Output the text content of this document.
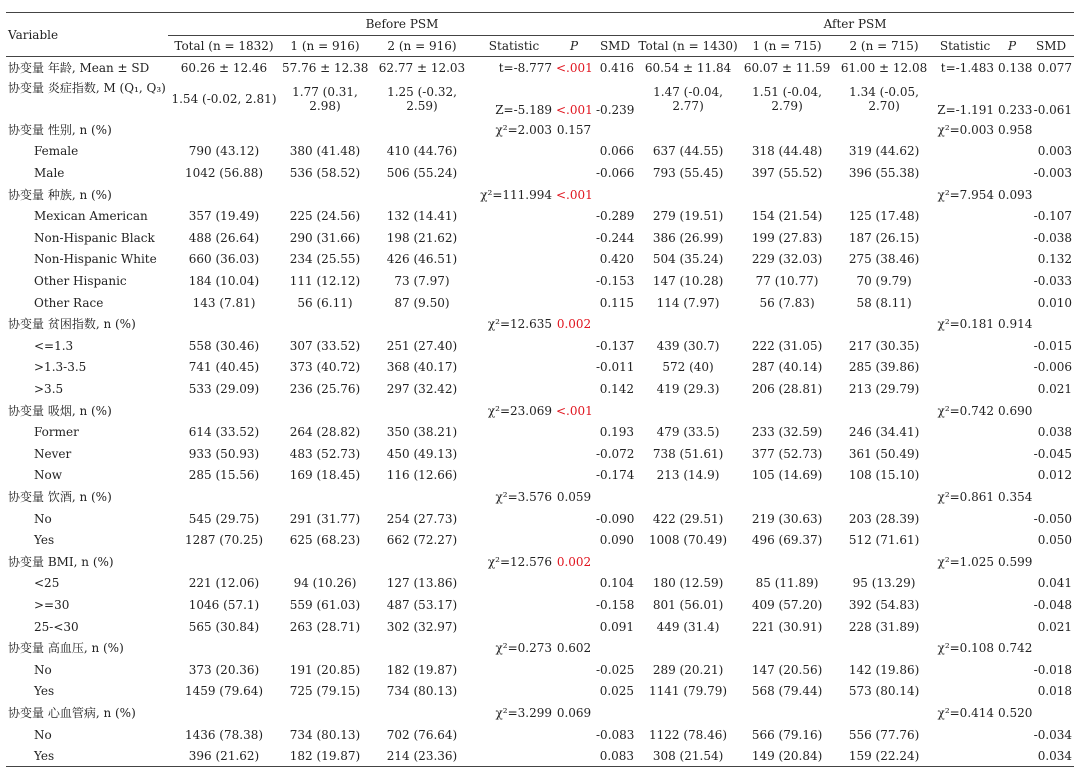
Variable	Before PSM						After PSM					
	Total (n = 1832)	1 (n = 916)	2 (n = 916)	Statistic	P	SMD	Total (n = 1430)	1 (n = 715)	2 (n = 715)	Statistic	P	SMD
协变量 年龄, Mean ± SD	60.26 ± 12.46	57.76 ± 12.38	62.77 ± 12.03	t=-8.777	<.001	0.416	60.54 ± 11.84	60.07 ± 11.59	61.00 ± 12.08	t=-1.483	0.138	0.077
协变量 炎症指数, M (Q₁, Q₃)	1.54 (-0.02, 2.81)	1.77 (0.31, 2.98)	1.25 (-0.32, 2.59)	Z=-5.189	<.001	-0.239	1.47 (-0.04, 2.77)	1.51 (-0.04, 2.79)	1.34 (-0.05, 2.70)	Z=-1.191	0.233	-0.061
协变量 性别, n (%)				χ²=2.003	0.157					χ²=0.003	0.958	
Female	790 (43.12)	380 (41.48)	410 (44.76)			0.066	637 (44.55)	318 (44.48)	319 (44.62)			0.003
Male	1042 (56.88)	536 (58.52)	506 (55.24)			-0.066	793 (55.45)	397 (55.52)	396 (55.38)			-0.003
协变量 种族, n (%)				χ²=111.994	<.001					χ²=7.954	0.093	
Mexican American	357 (19.49)	225 (24.56)	132 (14.41)			-0.289	279 (19.51)	154 (21.54)	125 (17.48)			-0.107
Non-Hispanic Black	488 (26.64)	290 (31.66)	198 (21.62)			-0.244	386 (26.99)	199 (27.83)	187 (26.15)			-0.038
Non-Hispanic White	660 (36.03)	234 (25.55)	426 (46.51)			0.420	504 (35.24)	229 (32.03)	275 (38.46)			0.132
Other Hispanic	184 (10.04)	111 (12.12)	73 (7.97)			-0.153	147 (10.28)	77 (10.77)	70 (9.79)			-0.033
Other Race	143 (7.81)	56 (6.11)	87 (9.50)			0.115	114 (7.97)	56 (7.83)	58 (8.11)			0.010
协变量 贫困指数, n (%)				χ²=12.635	0.002					χ²=0.181	0.914	
<=1.3	558 (30.46)	307 (33.52)	251 (27.40)			-0.137	439 (30.7)	222 (31.05)	217 (30.35)			-0.015
>1.3-3.5	741 (40.45)	373 (40.72)	368 (40.17)			-0.011	572 (40)	287 (40.14)	285 (39.86)			-0.006
>3.5	533 (29.09)	236 (25.76)	297 (32.42)			0.142	419 (29.3)	206 (28.81)	213 (29.79)			0.021
协变量 吸烟, n (%)				χ²=23.069	<.001					χ²=0.742	0.690	
Former	614 (33.52)	264 (28.82)	350 (38.21)			0.193	479 (33.5)	233 (32.59)	246 (34.41)			0.038
Never	933 (50.93)	483 (52.73)	450 (49.13)			-0.072	738 (51.61)	377 (52.73)	361 (50.49)			-0.045
Now	285 (15.56)	169 (18.45)	116 (12.66)			-0.174	213 (14.9)	105 (14.69)	108 (15.10)			0.012
协变量 饮酒, n (%)				χ²=3.576	0.059					χ²=0.861	0.354	
No	545 (29.75)	291 (31.77)	254 (27.73)			-0.090	422 (29.51)	219 (30.63)	203 (28.39)			-0.050
Yes	1287 (70.25)	625 (68.23)	662 (72.27)			0.090	1008 (70.49)	496 (69.37)	512 (71.61)			0.050
协变量 BMI, n (%)				χ²=12.576	0.002					χ²=1.025	0.599	
<25	221 (12.06)	94 (10.26)	127 (13.86)			0.104	180 (12.59)	85 (11.89)	95 (13.29)			0.041
>=30	1046 (57.1)	559 (61.03)	487 (53.17)			-0.158	801 (56.01)	409 (57.20)	392 (54.83)			-0.048
25-<30	565 (30.84)	263 (28.71)	302 (32.97)			0.091	449 (31.4)	221 (30.91)	228 (31.89)			0.021
协变量 高血压, n (%)				χ²=0.273	0.602					χ²=0.108	0.742	
No	373 (20.36)	191 (20.85)	182 (19.87)			-0.025	289 (20.21)	147 (20.56)	142 (19.86)			-0.018
Yes	1459 (79.64)	725 (79.15)	734 (80.13)			0.025	1141 (79.79)	568 (79.44)	573 (80.14)			0.018
协变量 心血管病, n (%)				χ²=3.299	0.069					χ²=0.414	0.520	
No	1436 (78.38)	734 (80.13)	702 (76.64)			-0.083	1122 (78.46)	566 (79.16)	556 (77.76)			-0.034
Yes	396 (21.62)	182 (19.87)	214 (23.36)			0.083	308 (21.54)	149 (20.84)	159 (22.24)			0.034
